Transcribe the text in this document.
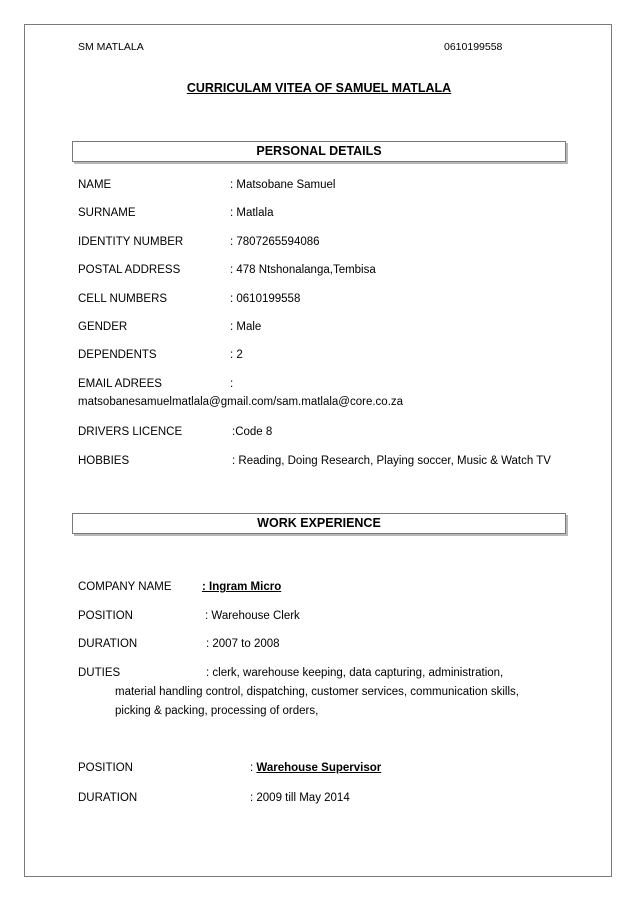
SM MATLALA	0610199558
CURRICULAM VITEA OF SAMUEL MATLALA
PERSONAL DETAILS
NAME	: Matsobane Samuel
SURNAME	: Matlala
IDENTITY NUMBER	: 7807265594086
POSTAL ADDRESS	: 478 Ntshonalanga,Tembisa
CELL NUMBERS	: 0610199558
GENDER	: Male
DEPENDENTS	: 2
EMAIL ADREES	:
matsobanesamuelmatlala@gmail.com/sam.matlala@core.co.za
DRIVERS LICENCE	:Code 8
HOBBIES	: Reading, Doing Research, Playing soccer, Music & Watch TV
WORK EXPERIENCE
COMPANY NAME	: Ingram Micro
POSITION	: Warehouse Clerk
DURATION	: 2007 to 2008
DUTIES	: clerk, warehouse keeping, data capturing, administration,
material handling control, dispatching, customer services, communication skills,
picking & packing, processing of orders,
POSITION	: Warehouse Supervisor
DURATION	: 2009 till May 2014
